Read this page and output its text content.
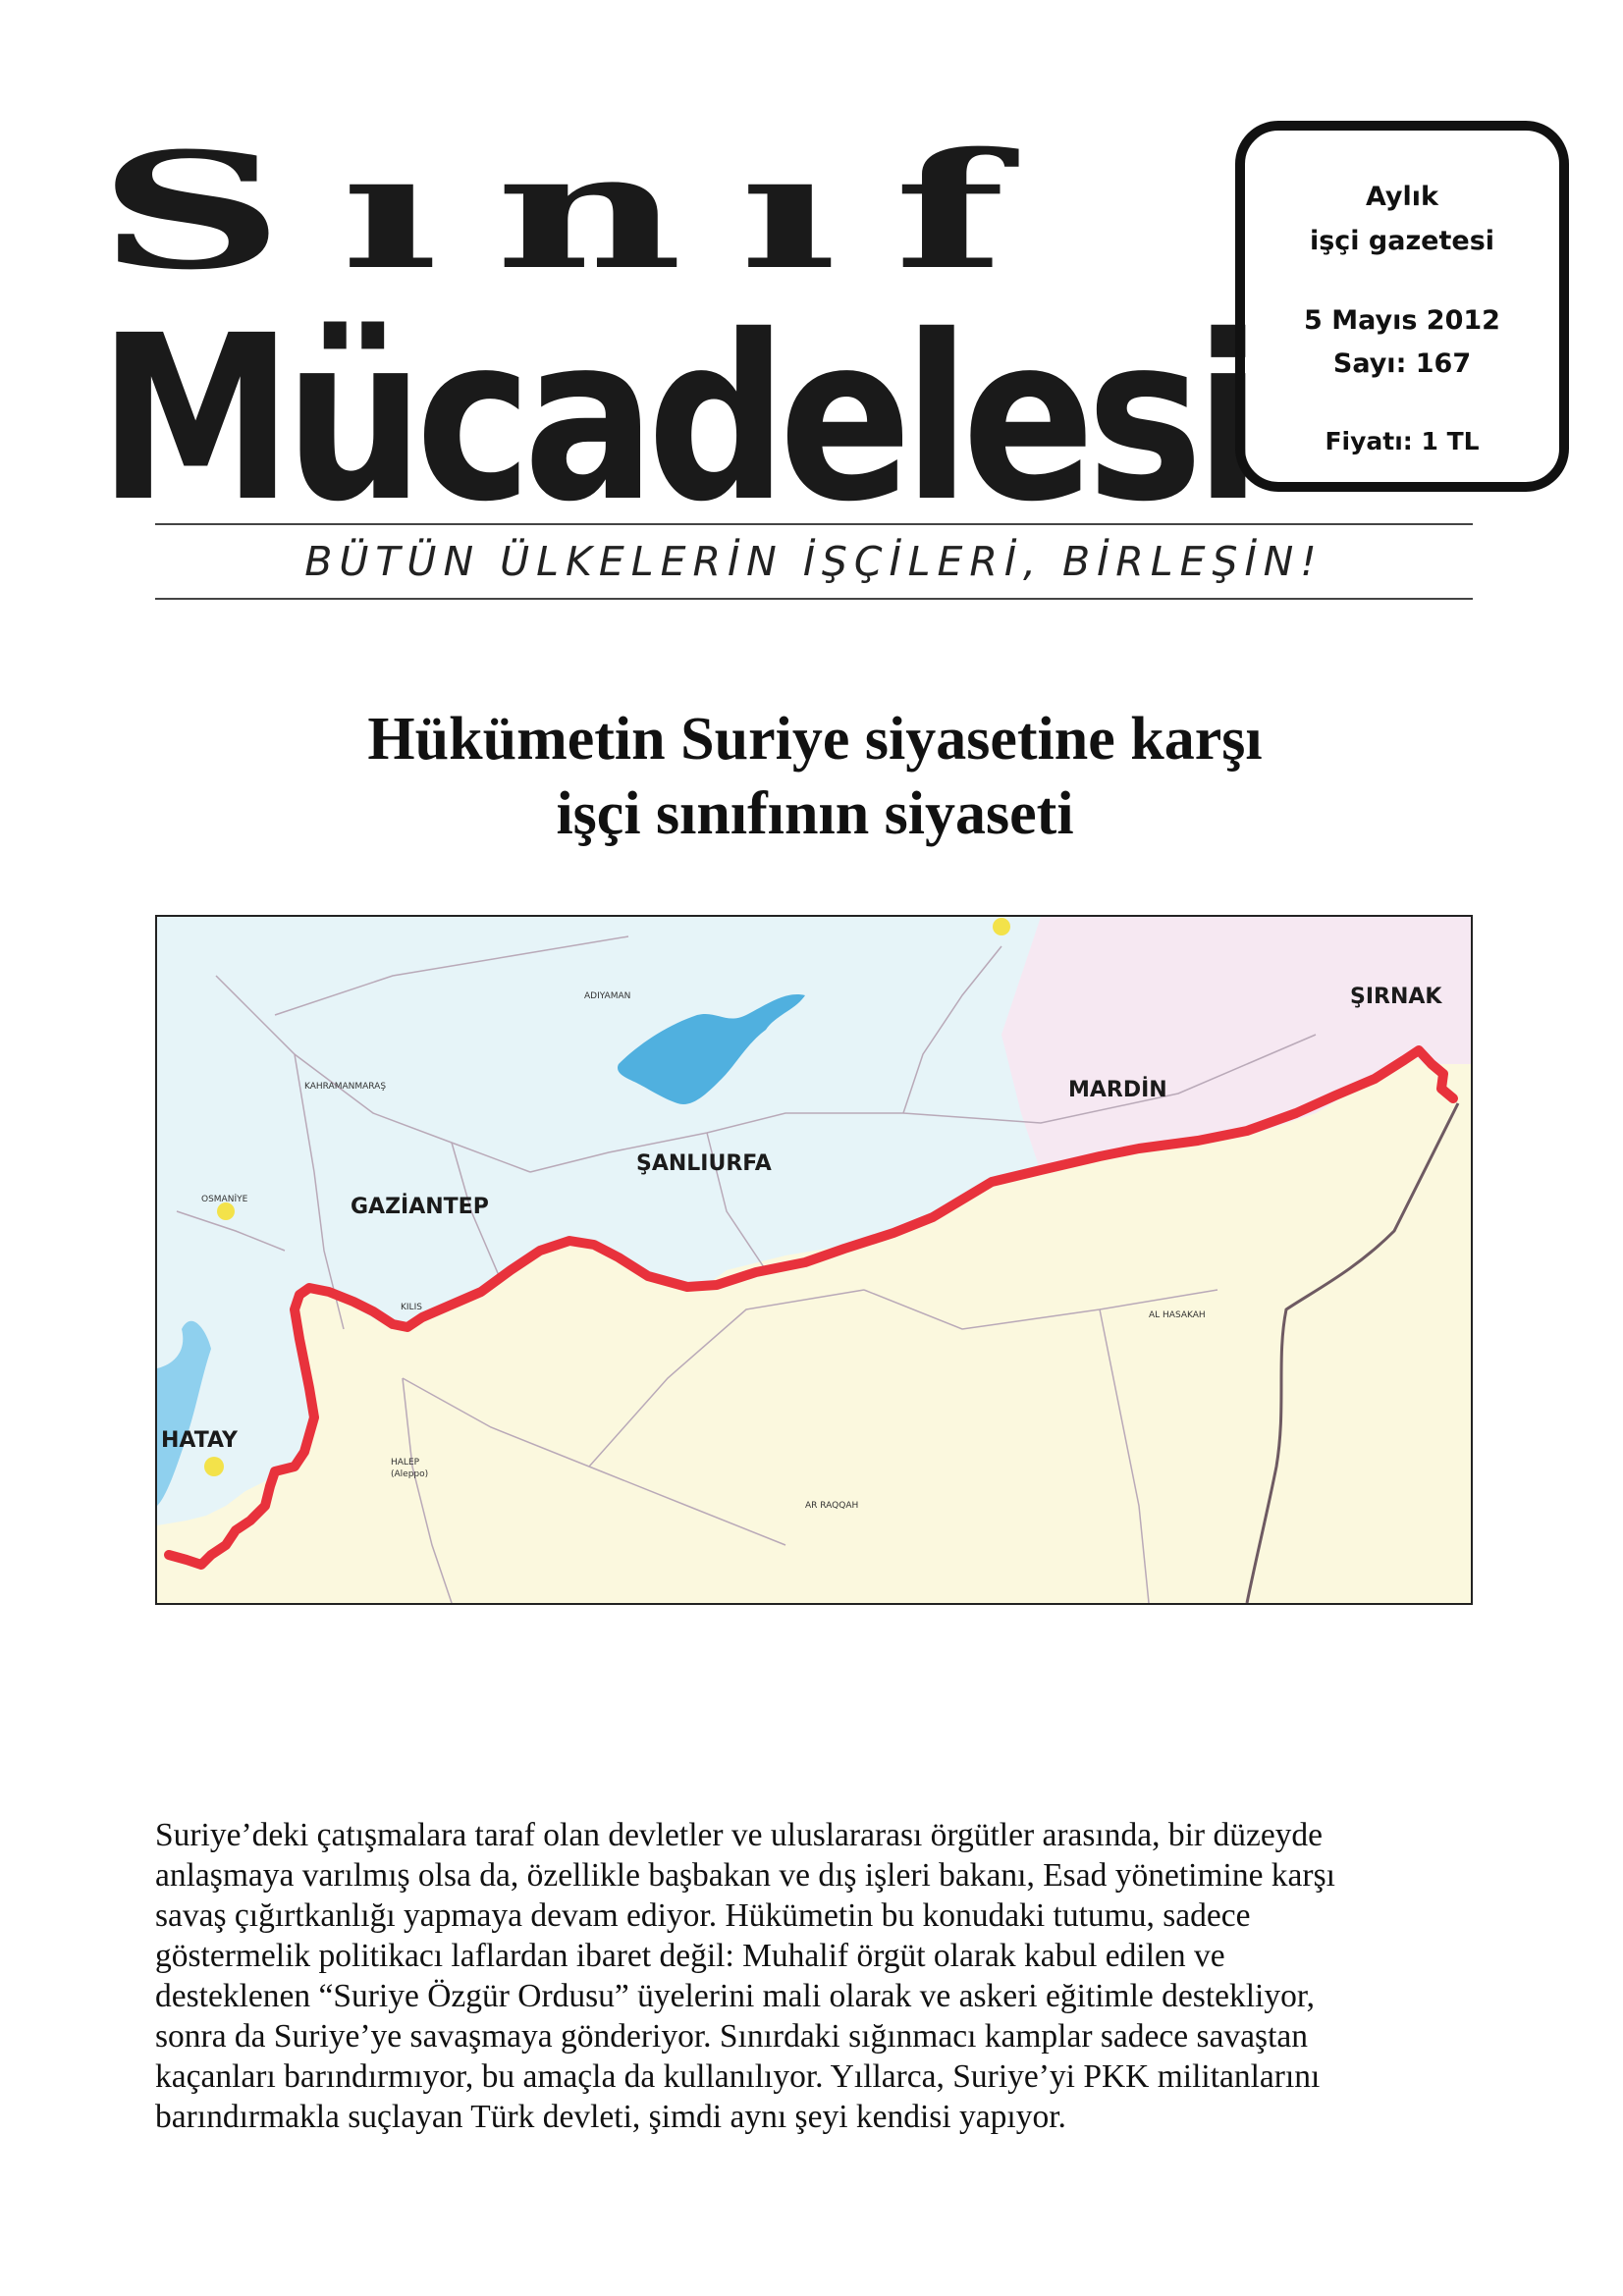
Sınıf
Mücadelesi
Aylık
işçi gazetesi
5 Mayıs 2012
Sayı: 167
Fiyatı: 1 TL
BÜTÜN ÜLKELERİN İŞÇİLERİ, BİRLEŞİN!
Hükümetin Suriye siyasetine karşı
işçi sınıfının siyaseti
ŞIRNAK
MARDİN
ŞANLIURFA
GAZİANTEP
HATAY
ADIYAMAN
KAHRAMANMARAŞ
OSMANİYE
KILIS
HALEP
(Aleppo)
AR RAQQAH
AL HASAKAH

Suriye’deki çatışmalara taraf olan devletler ve uluslararası örgütler arasında, bir düzeyde

anlaşmaya varılmış olsa da, özellikle başbakan ve dış işleri bakanı, Esad yönetimine karşı

savaş çığırtkanlığı yapmaya devam ediyor. Hükümetin bu konudaki tutumu, sadece

göstermelik politikacı laflardan ibaret değil: Muhalif örgüt olarak kabul edilen ve

desteklenen “Suriye Özgür Ordusu” üyelerini mali olarak ve askeri eğitimle destekliyor,

sonra da Suriye’ye savaşmaya gönderiyor. Sınırdaki sığınmacı kamplar sadece savaştan

kaçanları barındırmıyor, bu amaçla da kullanılıyor. Yıllarca, Suriye’yi PKK militanlarını

barındırmakla suçlayan Türk devleti, şimdi aynı şeyi kendisi yapıyor.
